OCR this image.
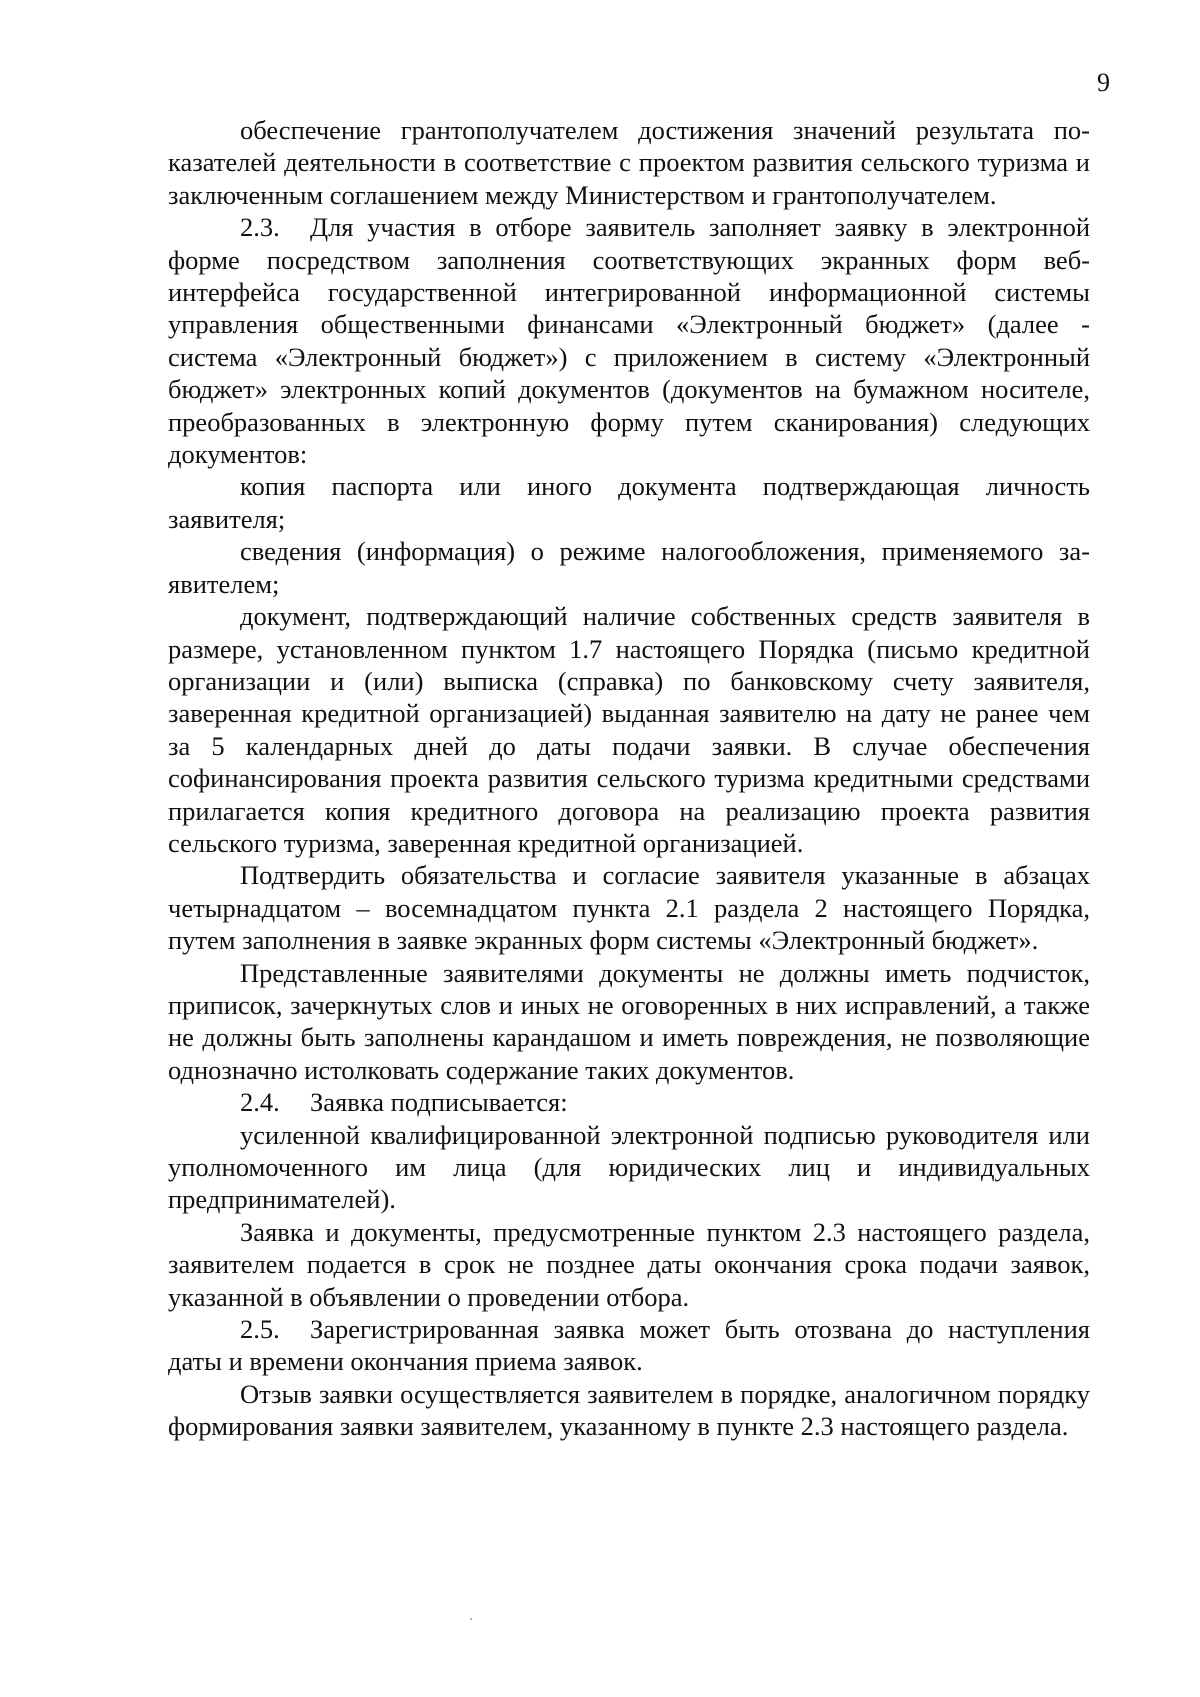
9

обеспечение грантополучателем достижения значений результата показателей деятельности в соответствие с проектом развития сельского туризма и заключенным соглашением между Министерством и грантополучателем.

2.3. Для участия в отборе заявитель заполняет заявку в электронной форме посредством заполнения соответствующих экранных форм веб-интерфейса государственной интегрированной информационной системы управления общественными финансами «Электронный бюджет» (далее - система «Электронный бюджет») с приложением в систему «Электронный бюджет» электронных копий документов (документов на бумажном носителе, преобразованных в электронную форму путем сканирования) следующих документов:

копия паспорта или иного документа подтверждающая личность заявителя;

сведения (информация) о режиме налогообложения, применяемого заявителем;

документ, подтверждающий наличие собственных средств заявителя в размере, установленном пунктом 1.7 настоящего Порядка (письмо кредитной организации и (или) выписка (справка) по банковскому счету заявителя, заверенная кредитной организацией) выданная заявителю на дату не ранее чем за 5 календарных дней до даты подачи заявки. В случае обеспечения софинансирования проекта развития сельского туризма кредитными средствами прилагается копия кредитного договора на реализацию проекта развития сельского туризма, заверенная кредитной организацией.

Подтвердить обязательства и согласие заявителя указанные в абзацах четырнадцатом – восемнадцатом пункта 2.1 раздела 2 настоящего Порядка, путем заполнения в заявке экранных форм системы «Электронный бюджет».

Представленные заявителями документы не должны иметь подчисток, приписок, зачеркнутых слов и иных не оговоренных в них исправлений, а также не должны быть заполнены карандашом и иметь повреждения, не позволяющие однозначно истолковать содержание таких документов.

2.4. Заявка подписывается:

усиленной квалифицированной электронной подписью руководителя или уполномоченного им лица (для юридических лиц и индивидуальных предпринимателей).

Заявка и документы, предусмотренные пунктом 2.3 настоящего раздела, заявителем подается в срок не позднее даты окончания срока подачи заявок, указанной в объявлении о проведении отбора.

2.5. Зарегистрированная заявка может быть отозвана до наступления даты и времени окончания приема заявок.

Отзыв заявки осуществляется заявителем в порядке, аналогичном порядку формирования заявки заявителем, указанному в пункте 2.3 настоящего раздела.
